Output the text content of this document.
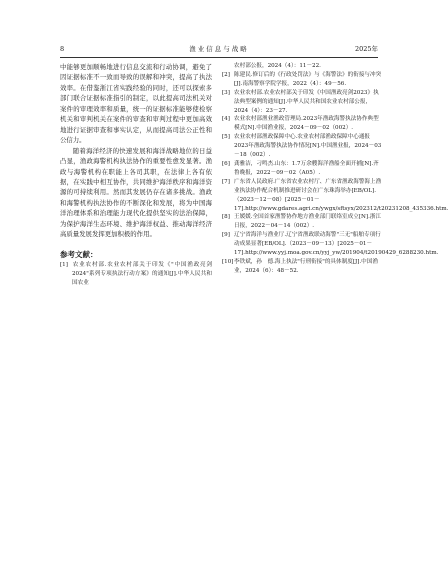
8	渔业信息与战略	2025年

中能够更加顺畅地进行信息交流和行动协调，避免了因证据标准不一致而导致的误解和冲突，提高了执法效率。在借鉴浙江省实践经验的同时，还可以探索多部门联合证据标准指引的制定，以此提高司法机关对案件的审理效率和质量，统一的证据标准能够使检察机关和审判机关在案件的审查和审判过程中更加高效地进行证据审查和事实认定，从而提高司法公正性和公信力。

随着海洋经济的快速发展和海洋战略地位的日益凸显，渔政海警机构执法协作的重要性愈发显著。渔政与海警机构在职能上各司其职，在法律上各有依据，在实践中相互协作，共同维护海洋秩序和海洋资源的可持续利用。然而其发展仍存在诸多挑战。渔政和海警机构执法协作的不断深化和发展，将为中国海洋治理体系和治理能力现代化提供坚实的法治保障，为保护海洋生态环境、维护海洋权益、推动海洋经济高质量发展发挥更加积极的作用。

参考文献：

[1] 农业农村部.农业农村部关于印发《"中国渔政亮剑2024"系列专项执法行动方案》的通知[J].中华人民共和国农业

农村部公报，2024（4）：11－22.

[2] 陈建民.修订后的《行政处罚法》与《海警法》的衔接与冲突[J].南海警察学院学报，2022（4）：49－56.

[3] 农业农村部.农业农村部关于印发《中国渔政亮剑2023》执法典型案例的通知[J].中华人民共和国农业农村部公报，2024（4）：23－27.

[4] 农业农村部渔业渔政管理局.2023年渔政海警执法协作典型模式[N].中国渔业报，2024－09－02（002）.

[5] 农业农村部渔政保障中心.农业农村部渔政保障中心通报2023年渔政海警执法协作情况[N].中国渔业报，2024－03－18（002）.

[6] 龚雅洁，刁鸣杰.山东：1.7万余艘海洋渔船全面开捕[N].齐鲁晚报，2022－09－02（A05）.

[7] 广东省人民政府.广东省农业农村厅、广东省渔政海警海上渔业执法协作配合机制推进研讨会在广东珠海举办[EB/OL].（2023－12－08）[2025－01－17].http://www.gdares.agri.cn/ywgx/sftsyx/202312/t20231208_435336.htm.

[8] 王媛媛.全国首家渔警协作地方渔业部门联络室成立[N].浙江日报，2022－04－14（002）.

[9] 辽宁省海洋与渔业厅.辽宁省渔政联动海警"三无"船舶专项行动成果显著[EB/OL].（2023－09－13）[2025－01－17].http://www.yyj.moa.gov.cn/yyj_yw/201904/t20190429_6288230.htm.

[10]李铁斌，孙　德.海上执法"行刑衔接"的具体制度[J].中国渔业，2024（6）：48－52.
